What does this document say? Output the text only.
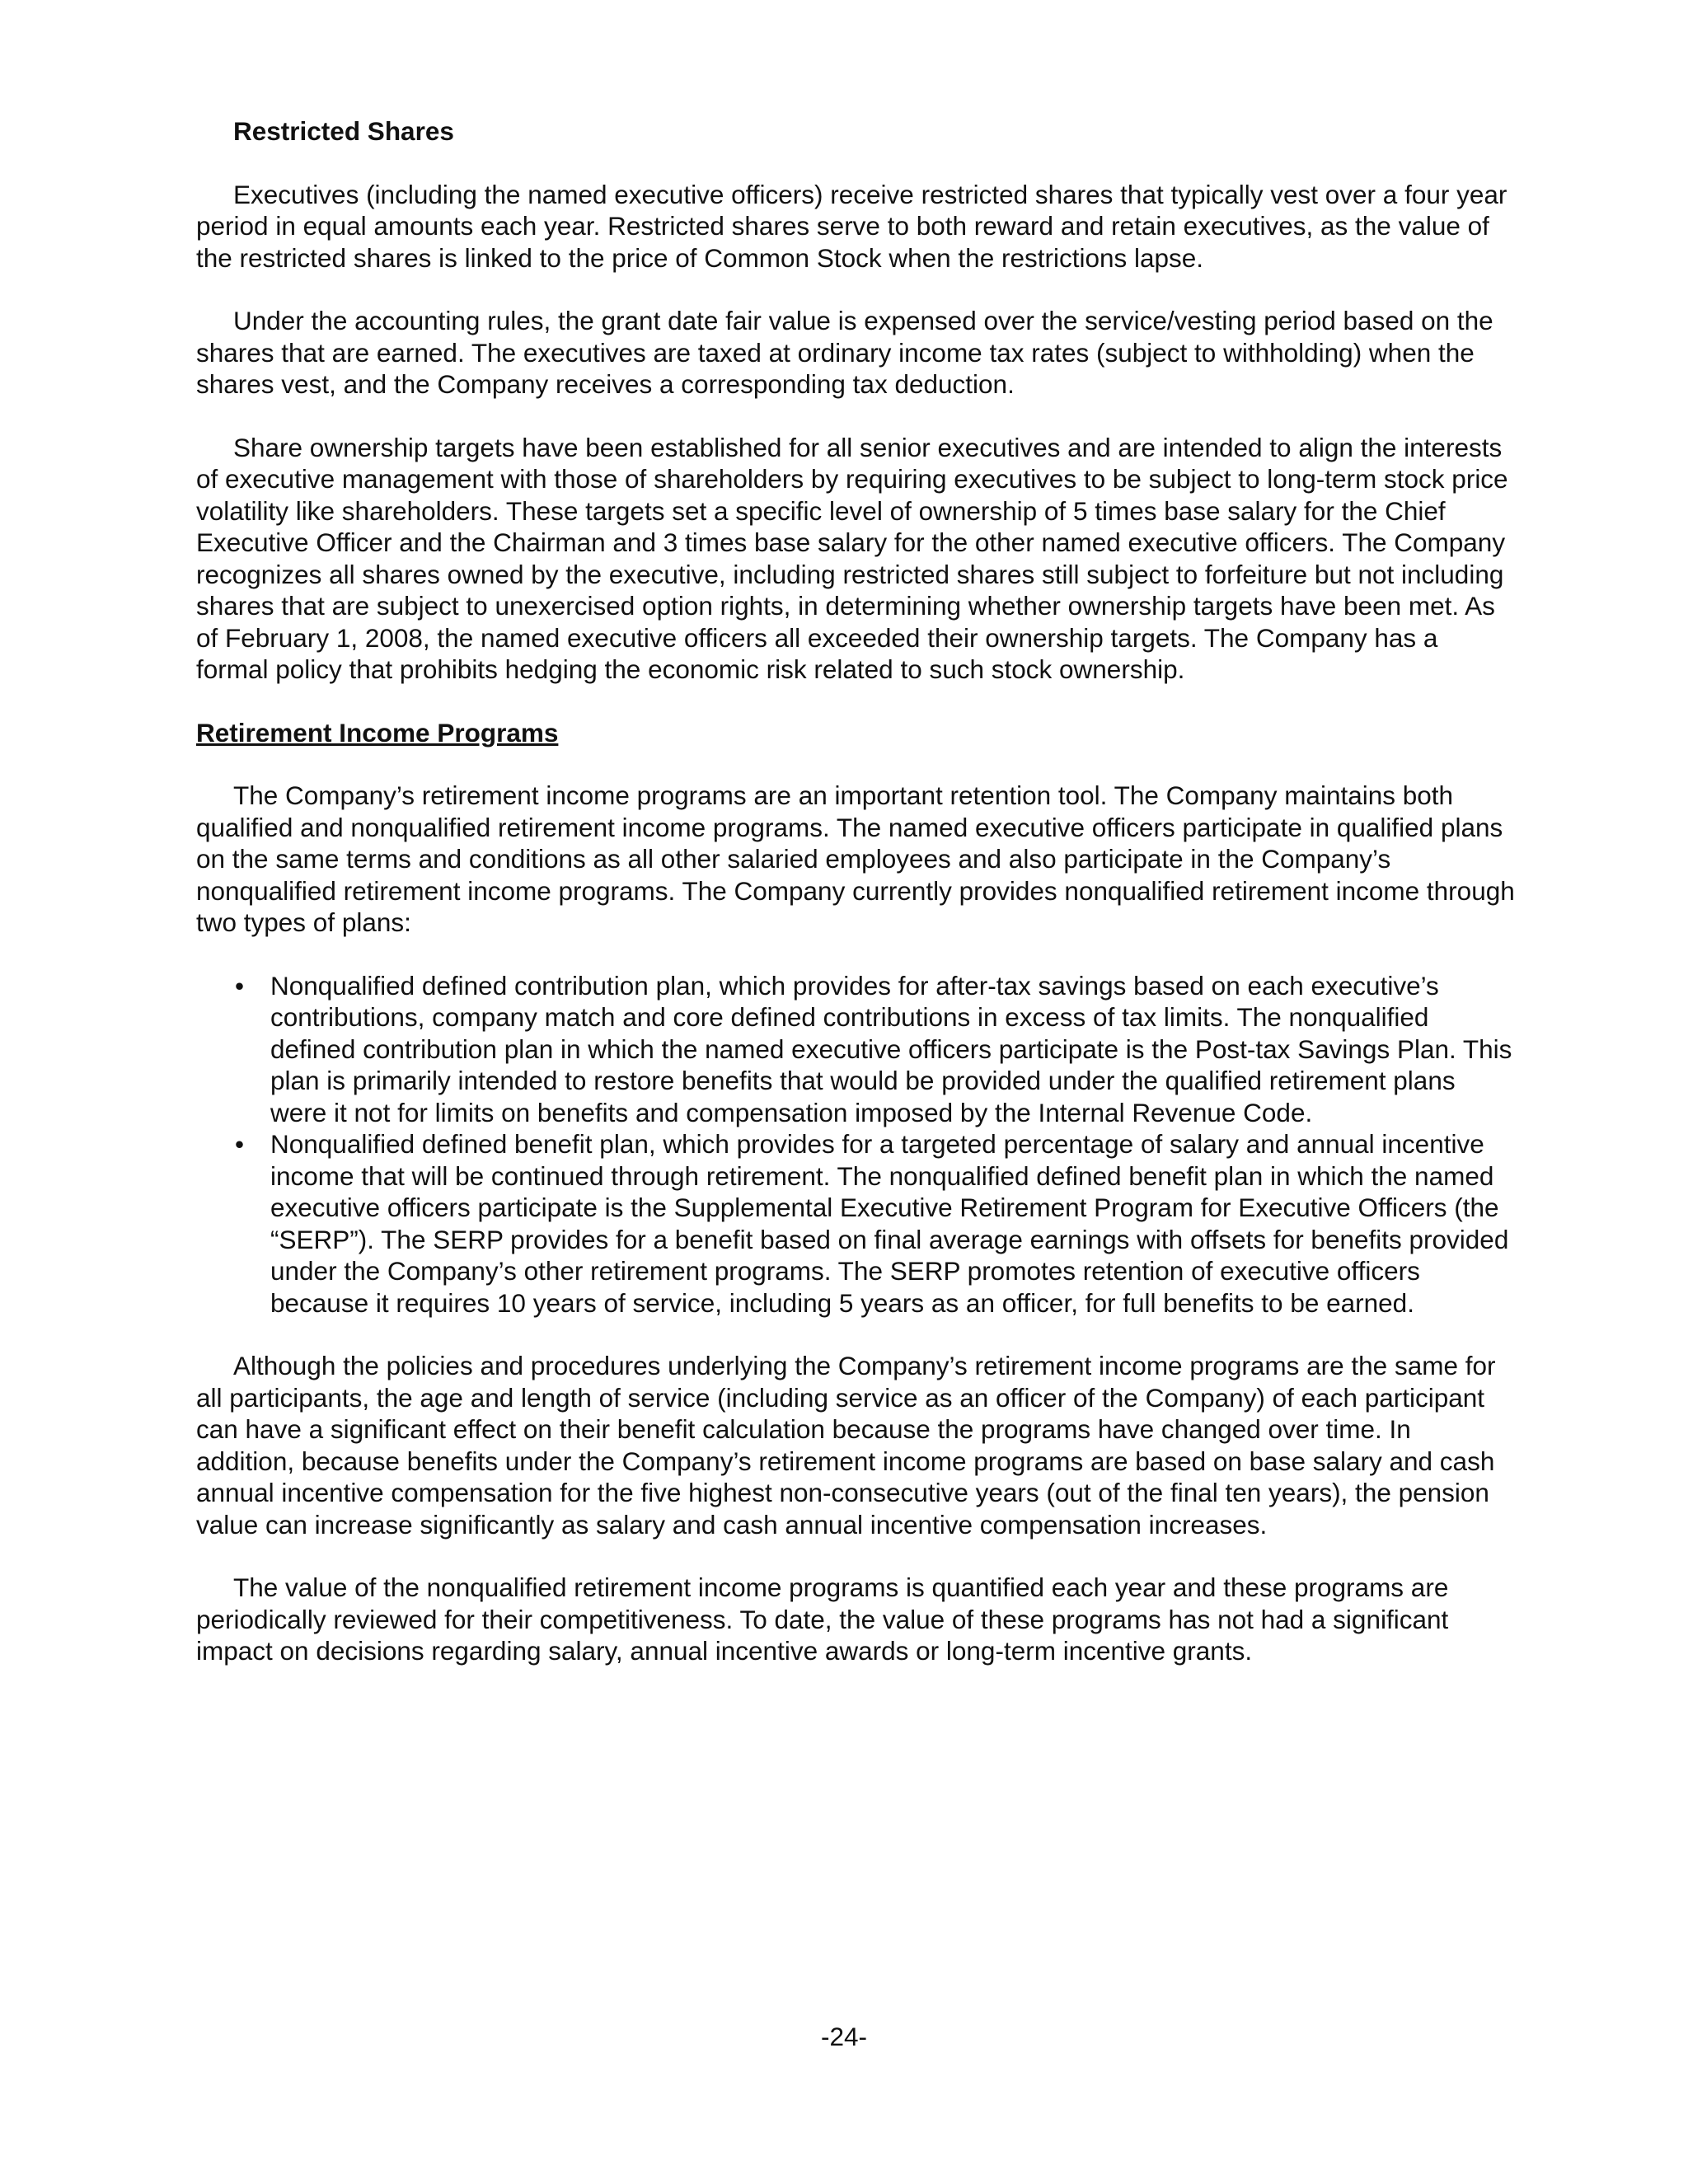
Restricted Shares

Executives (including the named executive officers) receive restricted shares that typically vest over a four year period in equal amounts each year. Restricted shares serve to both reward and retain executives, as the value of the restricted shares is linked to the price of Common Stock when the restrictions lapse.

Under the accounting rules, the grant date fair value is expensed over the service/vesting period based on the shares that are earned. The executives are taxed at ordinary income tax rates (subject to withholding) when the shares vest, and the Company receives a corresponding tax deduction.

Share ownership targets have been established for all senior executives and are intended to align the interests of executive management with those of shareholders by requiring executives to be subject to long-term stock price volatility like shareholders. These targets set a specific level of ownership of 5 times base salary for the Chief Executive Officer and the Chairman and 3 times base salary for the other named executive officers. The Company recognizes all shares owned by the executive, including restricted shares still subject to forfeiture but not including shares that are subject to unexercised option rights, in determining whether ownership targets have been met. As of February 1, 2008, the named executive officers all exceeded their ownership targets. The Company has a formal policy that prohibits hedging the economic risk related to such stock ownership.

Retirement Income Programs

The Company’s retirement income programs are an important retention tool. The Company maintains both qualified and nonqualified retirement income programs. The named executive officers participate in qualified plans on the same terms and conditions as all other salaried employees and also participate in the Company’s nonqualified retirement income programs. The Company currently provides nonqualified retirement income through two types of plans:

• Nonqualified defined contribution plan, which provides for after-tax savings based on each executive’s contributions, company match and core defined contributions in excess of tax limits. The nonqualified defined contribution plan in which the named executive officers participate is the Post-tax Savings Plan. This plan is primarily intended to restore benefits that would be provided under the qualified retirement plans were it not for limits on benefits and compensation imposed by the Internal Revenue Code.
• Nonqualified defined benefit plan, which provides for a targeted percentage of salary and annual incentive income that will be continued through retirement. The nonqualified defined benefit plan in which the named executive officers participate is the Supplemental Executive Retirement Program for Executive Officers (the “SERP”). The SERP provides for a benefit based on final average earnings with offsets for benefits provided under the Company’s other retirement programs. The SERP promotes retention of executive officers because it requires 10 years of service, including 5 years as an officer, for full benefits to be earned.

Although the policies and procedures underlying the Company’s retirement income programs are the same for all participants, the age and length of service (including service as an officer of the Company) of each participant can have a significant effect on their benefit calculation because the programs have changed over time. In addition, because benefits under the Company’s retirement income programs are based on base salary and cash annual incentive compensation for the five highest non-consecutive years (out of the final ten years), the pension value can increase significantly as salary and cash annual incentive compensation increases.

The value of the nonqualified retirement income programs is quantified each year and these programs are periodically reviewed for their competitiveness. To date, the value of these programs has not had a significant impact on decisions regarding salary, annual incentive awards or long-term incentive grants.

-24-
